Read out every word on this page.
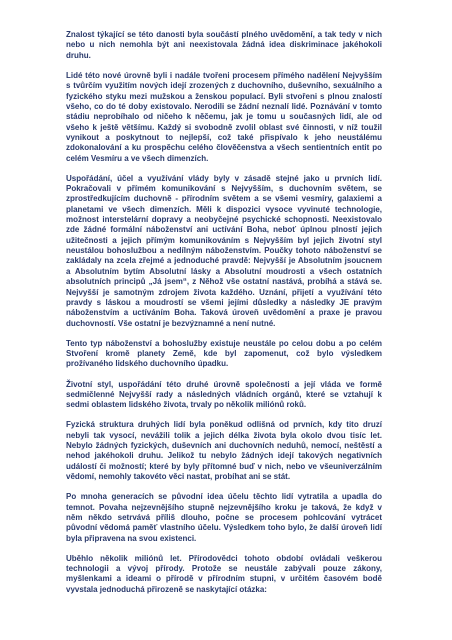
Znalost týkající se této danosti byla součástí plného uvědomění, a tak tedy v nich nebo u nich nemohla být ani neexistovala žádná idea diskriminace jakéhokoli druhu.

Lidé této nové úrovně byli i nadále tvořeni procesem přímého nadělení Nejvyšším s tvůrčím využitím nových idejí zrozených z duchovního, duševního, sexuálního a fyzického styku mezi mužskou a ženskou populací. Byli stvořeni s plnou znalostí všeho, co do té doby existovalo. Nerodili se žádní neznalí lidé. Poznávání v tomto stádiu neprobíhalo od ničeho k něčemu, jak je tomu u současných lidí, ale od všeho k ještě většímu. Každý si svobodně zvolil oblast své činnosti, v níž toužil vynikout a poskytnout to nejlepší, což také přispívalo k jeho neustálému zdokonalování a ku prospěchu celého člověčenstva a všech sentientních entit po celém Vesmíru a ve všech dimenzích.

Uspořádání, účel a využívání vlády byly v zásadě stejné jako u prvních lidí. Pokračovali v přímém komunikování s Nejvyšším, s duchovním světem, se zprostředkujícím duchovně - přírodním světem a se všemi vesmíry, galaxiemi a planetami ve všech dimenzích. Měli k dispozici vysoce vyvinuté technologie, možnost interstelární dopravy a neobyčejné psychické schopnosti. Neexistovalo zde žádné formální náboženství ani uctívání Boha, neboť úplnou plností jejich užitečnosti a jejich přímým komunikováním s Nejvyšším byl jejich životní styl neustálou bohoslužbou a nedílným náboženstvím. Poučky tohoto náboženství se zakládaly na zcela zřejmé a jednoduché pravdě: Nejvyšší je Absolutním jsoucnem a Absolutním bytím Absolutní lásky a Absolutní moudrosti a všech ostatních absolutních principů „Já jsem“, z Něhož vše ostatní nastává, probíhá a stává se. Nejvyšší je samotným zdrojem života každého. Uznání, přijetí a využívání této pravdy s láskou a moudrostí se všemi jejími důsledky a následky JE pravým náboženstvím a uctíváním Boha. Taková úroveň uvědomění a praxe je pravou duchovností. Vše ostatní je bezvýznamné a není nutné.

Tento typ náboženství a bohoslužby existuje neustále po celou dobu a po celém Stvoření kromě planety Země, kde byl zapomenut, což bylo výsledkem prožívaného lidského duchovního úpadku.

Životní styl, uspořádání této druhé úrovně společnosti a její vláda ve formě sedmičlenné Nejvyšší rady a následných vládních orgánů, které se vztahují k sedmi oblastem lidského života, trvaly po několik miliónů roků.

Fyzická struktura druhých lidí byla poněkud odlišná od prvních, kdy tito druzí nebyli tak vysocí, nevážili tolik a jejich délka života byla okolo dvou tisíc let. Nebylo žádných fyzických, duševních ani duchovních neduhů, nemocí, neštěstí a nehod jakéhokoli druhu. Jelikož tu nebylo žádných idejí takových negativních událostí či možností; které by byly přítomné buď v nich, nebo ve všeuniverzálním vědomí, nemohly takovéto věci nastat, probíhat ani se stát.

Po mnoha generacích se původní idea účelu těchto lidí vytratila a upadla do temnot. Povaha nejzevnějšího stupně nejzevnějšího kroku je taková, že když v něm někdo setrvává příliš dlouho, počne se procesem pohlcování vytrácet původní vědomá paměť vlastního účelu. Výsledkem toho bylo, že další úroveň lidí byla připravena na svou existenci.

Uběhlo několik miliónů let. Přírodovědci tohoto období ovládali veškerou technologii a vývoj přírody. Protože se neustále zabývali pouze zákony, myšlenkami a ideami o přírodě v přírodním stupni, v určitém časovém bodě vyvstala jednoduchá přirozeně se naskytající otázka:
